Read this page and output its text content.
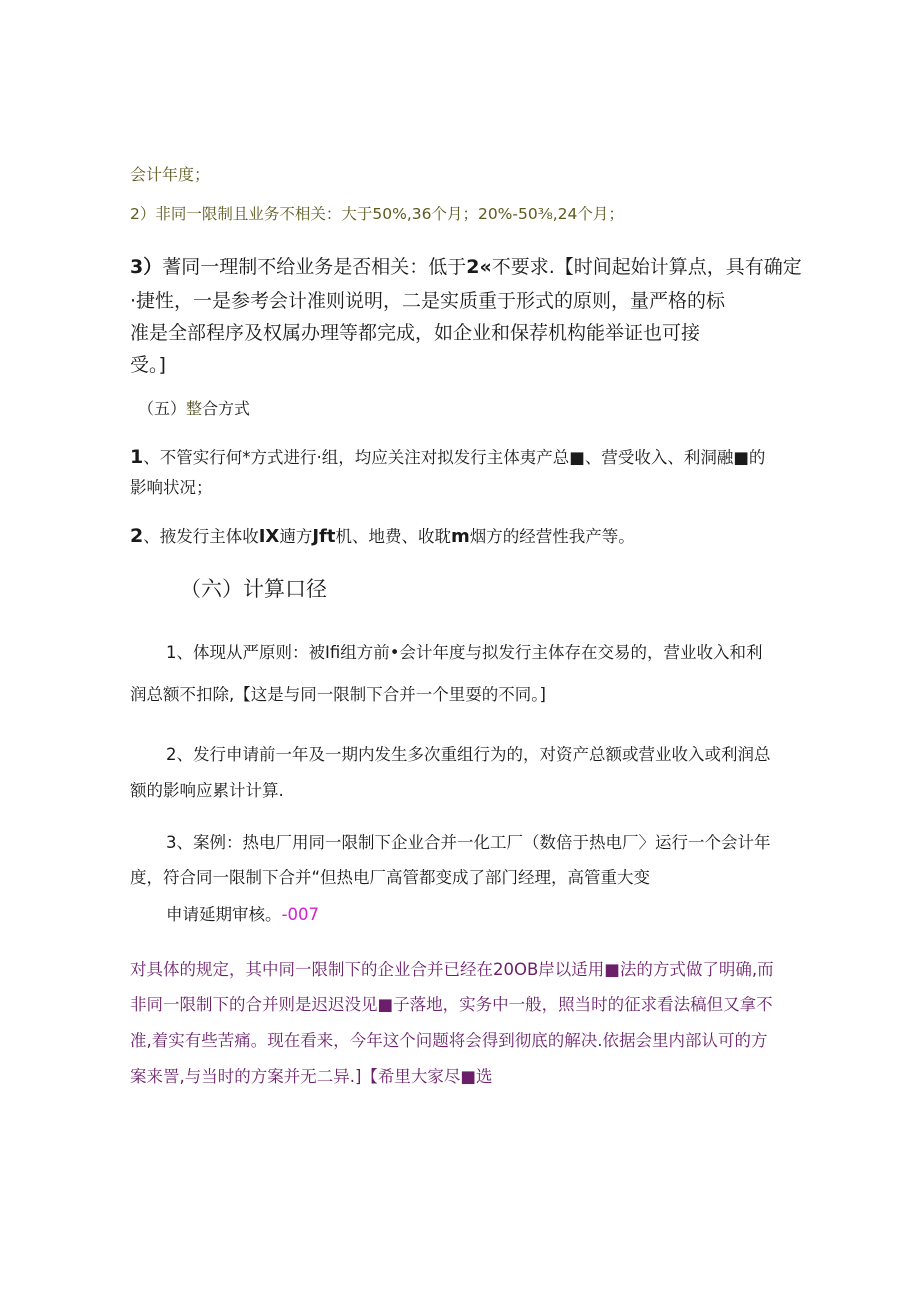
会计年度；

2）非同一限制且业务不相关：大于50%,36个月；20%-50⅜,24个月；

3）蓍同一理制不给业务是否相关：低于2«不要求.【时间起始计算点，具有确定

·捷性，一是参考会计准则说明，二是实质重于形式的原则，量严格的标

准是全部程序及权属办理等都完成，如企业和保荐机构能举证也可接

受。]

（五）整合方式

1、不管实行何*方式进行·组，均应关注对拟发行主体夷产总■、营受收入、利洞融■的

影响状况；

2、掖发行主体收IX遖方Jft机、地费、收耽m烟方的经营性我产等。

（六）计算口径

1、体现从严原则：被Ifi组方前•会计年度与拟发行主体存在交易的，营业收入和利

润总额不扣除,【这是与同一限制下合并一个里耍的不同。]

2、发行申请前一年及一期内发生多次重组行为的，对资产总额或营业收入或利润总

额的影响应累计计算.

3、案例：热电厂用同一限制下企业合并一化工厂（数倍于热电厂〉运行一个会计年

度，符合同一限制下合并“但热电厂高管都变成了部门经理，高管重大变

申请延期审核。-007

对具体的规定，其中同一限制下的企业合并已经在20OB岸以适用■法的方式做了明确,而

非同一限制下的合并则是迟迟没见■子落地，实务中一般，照当时的征求看法稿但又拿不

准,着实有些苦痛。现在看来，今年这个问题将会得到彻底的解决.依据会里内部认可的方

案来詈,与当时的方案并无二异.]【希里大家尽■选
